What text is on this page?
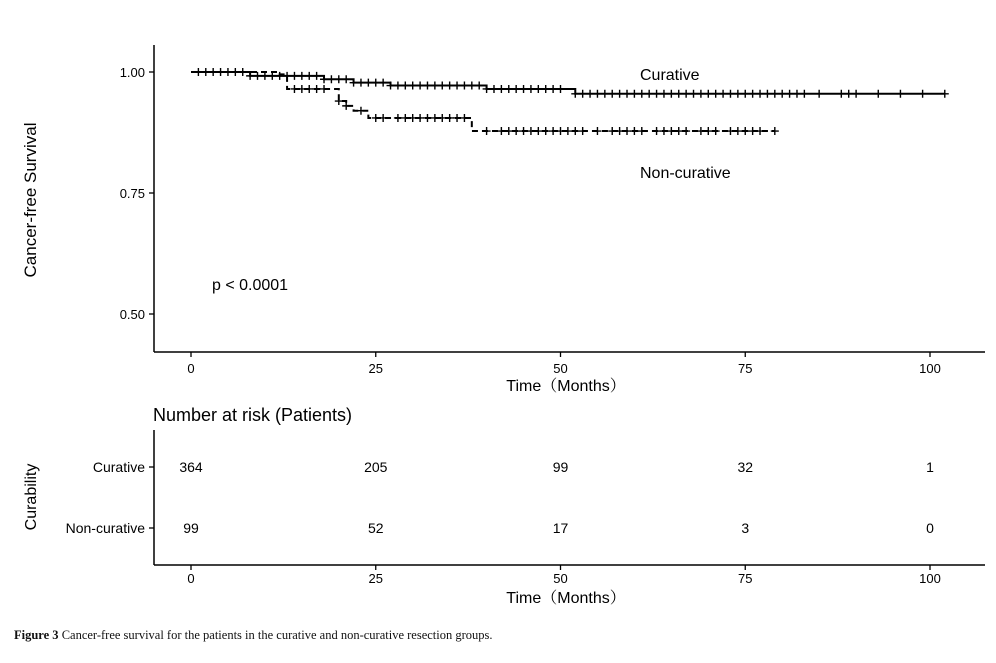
0	25	50	75	100
0.50
0.75
1.00
Cancer-free Survival
Time（Months）
p < 0.0001
Curative
Non-curative
Number at risk (Patients)
0	25	50	75	100
Curative 364	205	99	32	1
Non-curative	99	52	17	3	0
Curability
Time（Months）
Figure 3 Cancer-free survival for the patients in the curative and non-curative resection groups.
